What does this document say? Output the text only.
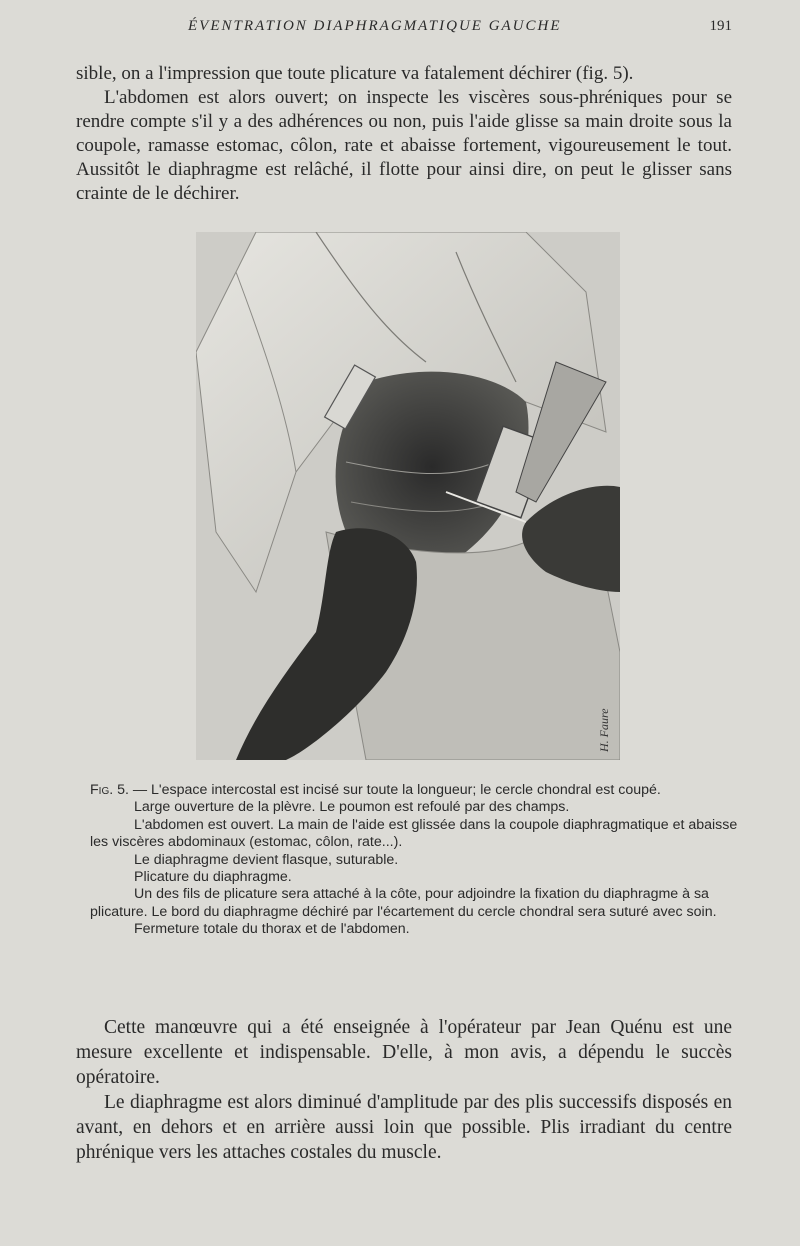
ÉVENTRATION DIAPHRAGMATIQUE GAUCHE	191

sible, on a l'impression que toute plicature va fatalement déchirer (fig. 5).

L'abdomen est alors ouvert; on inspecte les viscères sous-phréniques pour se rendre compte s'il y a des adhérences ou non, puis l'aide glisse sa main droite sous la coupole, ramasse estomac, côlon, rate et abaisse fortement, vigoureusement le tout. Aussitôt le diaphragme est relâché, il flotte pour ainsi dire, on peut le glisser sans crainte de le déchirer.

H. Faure

Fig. 5. — L'espace intercostal est incisé sur toute la longueur; le cercle chondral est coupé.

Large ouverture de la plèvre. Le poumon est refoulé par des champs.

L'abdomen est ouvert. La main de l'aide est glissée dans la coupole diaphragmatique et abaisse les viscères abdominaux (estomac, côlon, rate...).

Le diaphragme devient flasque, suturable.

Plicature du diaphragme.

Un des fils de plicature sera attaché à la côte, pour adjoindre la fixation du diaphragme à sa plicature. Le bord du diaphragme déchiré par l'écartement du cercle chondral sera suturé avec soin.

Fermeture totale du thorax et de l'abdomen.

Cette manœuvre qui a été enseignée à l'opérateur par Jean Quénu est une mesure excellente et indispensable. D'elle, à mon avis, a dépendu le succès opératoire.

Le diaphragme est alors diminué d'amplitude par des plis successifs disposés en avant, en dehors et en arrière aussi loin que possible. Plis irradiant du centre phrénique vers les attaches costales du muscle.
